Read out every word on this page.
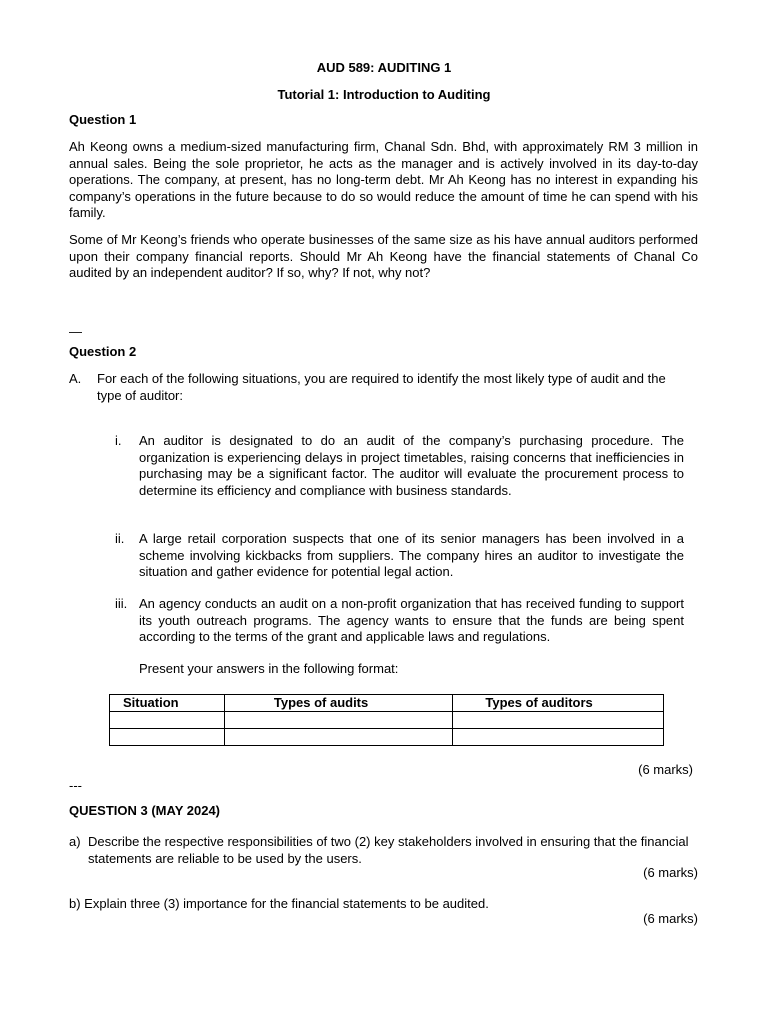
AUD 589: AUDITING 1
Tutorial 1: Introduction to Auditing
Question 1
Ah Keong owns a medium-sized manufacturing firm, Chanal Sdn. Bhd, with approximately RM 3 million in annual sales. Being the sole proprietor, he acts as the manager and is actively involved in its day-to-day operations. The company, at present, has no long-term debt. Mr Ah Keong has no interest in expanding his company’s operations in the future because to do so would reduce the amount of time he can spend with his family.
Some of Mr Keong’s friends who operate businesses of the same size as his have annual auditors performed upon their company financial reports. Should Mr Ah Keong have the financial statements of Chanal Co audited by an independent auditor? If so, why? If not, why not?
—
Question 2
A. For each of the following situations, you are required to identify the most likely type of audit and the type of auditor:
i.	An auditor is designated to do an audit of the company’s purchasing procedure. The organization is experiencing delays in project timetables, raising concerns that inefficiencies in purchasing may be a significant factor. The auditor will evaluate the procurement process to determine its efficiency and compliance with business standards.
ii.	A large retail corporation suspects that one of its senior managers has been involved in a scheme involving kickbacks from suppliers. The company hires an auditor to investigate the situation and gather evidence for potential legal action.
iii. An agency conducts an audit on a non-profit organization that has received funding to support its youth outreach programs. The agency wants to ensure that the funds are being spent according to the terms of the grant and applicable laws and regulations.
Present your answers in the following format:
Situation	Types of audits	Types of auditors

(6 marks)
---
QUESTION 3 (MAY 2024)
a) Describe the respective responsibilities of two (2) key stakeholders involved in ensuring that the financial statements are reliable to be used by the users.
(6 marks)
b) Explain three (3) importance for the financial statements to be audited.
(6 marks)
